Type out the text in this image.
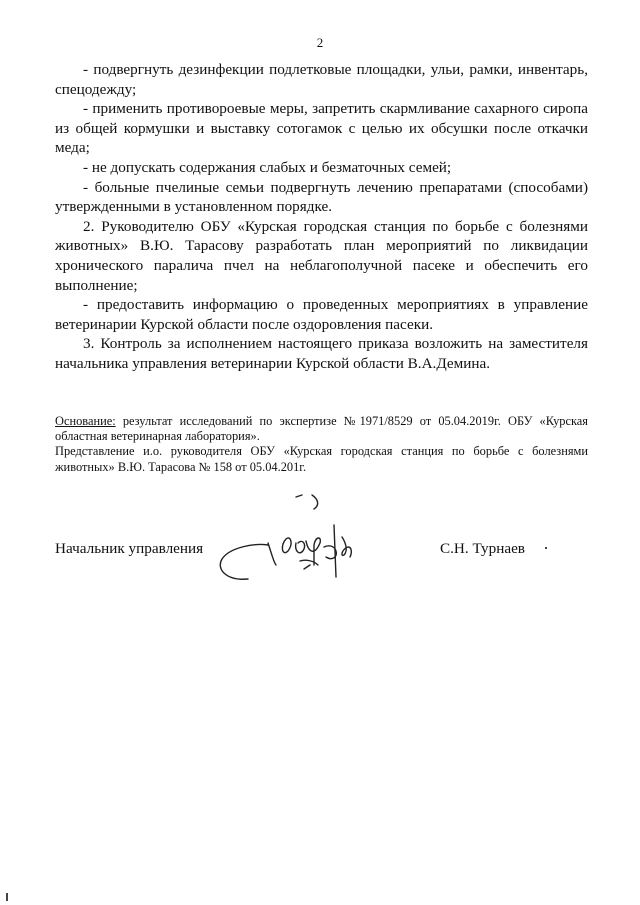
2

- подвергнуть дезинфекции подлетковые площадки, ульи, рамки, инвентарь, спецодежду;

- применить противороевые меры, запретить скармливание сахарного сиропа из общей кормушки и выставку сотогамок с целью их обсушки после откачки меда;

- не допускать содержания слабых и безматочных семей;

- больные пчелиные семьи подвергнуть лечению препаратами (способами) утвержденными в установленном порядке.

2. Руководителю ОБУ «Курская городская станция по борьбе с болезнями животных» В.Ю. Тарасову разработать план мероприятий по ликвидации хронического паралича пчел на неблагополучной пасеке и обеспечить его выполнение;

- предоставить информацию о проведенных мероприятиях в управление ветеринарии Курской области после оздоровления пасеки.

3. Контроль за исполнением настоящего приказа возложить на заместителя начальника управления ветеринарии Курской области В.А.Демина.

Основание: результат исследований по экспертизе №1971/8529 от 05.04.2019г. ОБУ «Курская областная ветеринарная лаборатория».

Представление и.о. руководителя ОБУ «Курская городская станция по борьбе с болезнями животных» В.Ю. Тарасова № 158 от 05.04.201г.

Начальник управления	С.Н. Турнаев
